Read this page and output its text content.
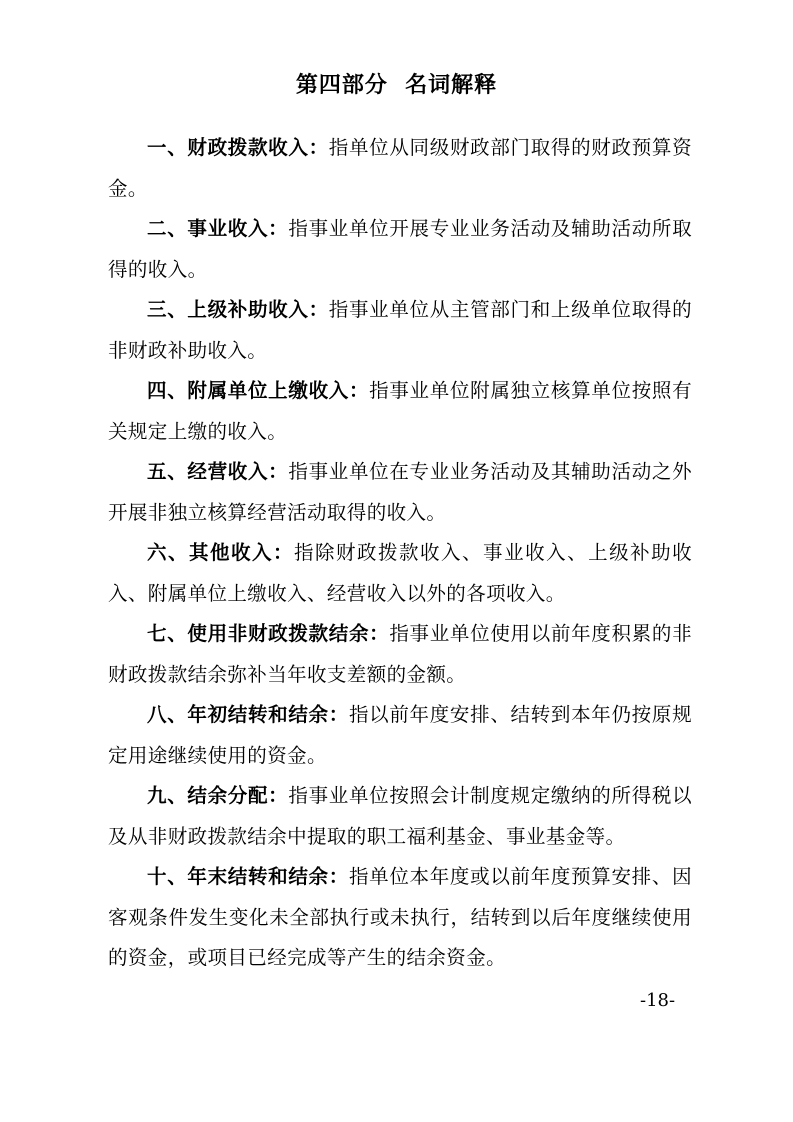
第四部分  名词解释

一、财政拨款收入：指单位从同级财政部门取得的财政预算资金。

二、事业收入：指事业单位开展专业业务活动及辅助活动所取得的收入。

三、上级补助收入：指事业单位从主管部门和上级单位取得的非财政补助收入。

四、附属单位上缴收入：指事业单位附属独立核算单位按照有关规定上缴的收入。

五、经营收入：指事业单位在专业业务活动及其辅助活动之外开展非独立核算经营活动取得的收入。

六、其他收入：指除财政拨款收入、事业收入、上级补助收入、附属单位上缴收入、经营收入以外的各项收入。

七、使用非财政拨款结余：指事业单位使用以前年度积累的非财政拨款结余弥补当年收支差额的金额。

八、年初结转和结余：指以前年度安排、结转到本年仍按原规定用途继续使用的资金。

九、结余分配：指事业单位按照会计制度规定缴纳的所得税以及从非财政拨款结余中提取的职工福利基金、事业基金等。

十、年末结转和结余：指单位本年度或以前年度预算安排、因客观条件发生变化未全部执行或未执行，结转到以后年度继续使用的资金，或项目已经完成等产生的结余资金。

-18-
